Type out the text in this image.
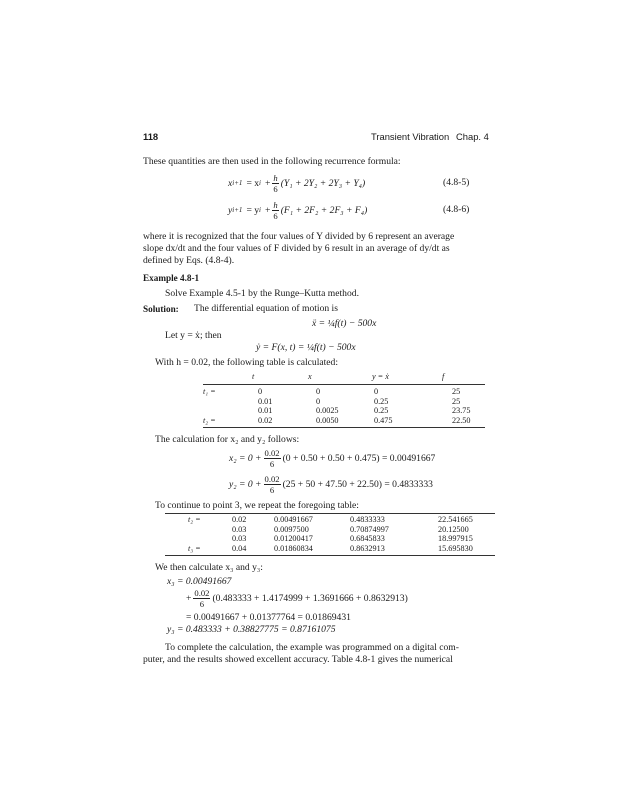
118	Transient Vibration Chap. 4
These quantities are then used in the following recurrence formula:
x i+1 = x $i + \frac{h}{6} (Y_1 + 2Y_2 + 2Y_3 + Y_4)$	(4.8-5)
y i+1 = y $i + \frac{h}{6} (F_1 + 2F_2 + 2F_3 + F_4)$	(4.8-6)
where it is recognized that the four values of Y divided by 6 represent an average
slope dx/dt and the four values of F divided by 6 result in an average of dy/dt as
defined by Eqs. (4.8-4).
Example 4.8-1
Solve Example 4.5-1 by the Runge–Kutta method.
Solution: The differential equation of motion is
ẍ = ¼f(t) − 500x
Let y = ẋ; then
ẏ = F(x, t) = ¼f(t) − 500x
With h = 0.02, the following table is calculated:
	t	x	y = ẋ	f
t₁ =	0	0	0	25
	0.01	0	0.25	25
	0.01	0.0025	0.25	23.75
t₂ =	0.02	0.0050	0.475	22.50
The calculation for x₂ and y₂ follows:
$x_2 = 0 + \frac{0.02}{6} (0 + 0.50 + 0.50 + 0.475) = 0.00491667$
$y_2 = 0 + \frac{0.02}{6} (25 + 50 + 47.50 + 22.50) = 0.4833333$
To continue to point 3, we repeat the foregoing table:
t₂ =	0.02	0.00491667	0.4833333	22.541665
	0.03	0.0097500	0.70874997	20.12500
	0.03	0.01200417	0.6845833	18.997915
t₃ =	0.04	0.01860834	0.8632913	15.695830
We then calculate x₃ and y₃:
x₃ = 0.00491667
+ $\frac{0.02}{6} (0.483333 + 1.4174999 + 1.3691666 + 0.8632913)$
= 0.00491667 + 0.01377764 = 0.01869431
y₃ = 0.483333 + 0.38827775 = 0.87161075
To complete the calculation, the example was programmed on a digital com-
puter, and the results showed excellent accuracy. Table 4.8-1 gives the numerical
